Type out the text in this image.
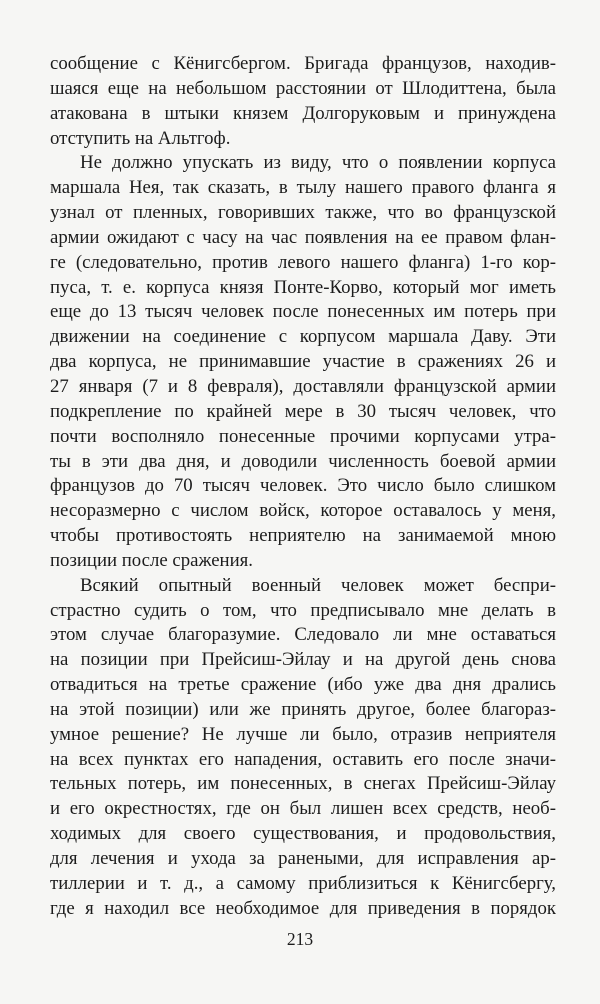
сообщение с Кёнигсбергом. Бригада французов, находив-
шаяся еще на небольшом расстоянии от Шлодиттена, была
атакована в штыки князем Долгоруковым и принуждена
отступить на Альтгоф.
Не должно упускать из виду, что о появлении корпуса
маршала Нея, так сказать, в тылу нашего правого фланга я
узнал от пленных, говоривших также, что во французской
армии ожидают с часу на час появления на ее правом флан-
ге (следовательно, против левого нашего фланга) 1-го кор-
пуса, т. е. корпуса князя Понте-Корво, который мог иметь
еще до 13 тысяч человек после понесенных им потерь при
движении на соединение с корпусом маршала Даву. Эти
два корпуса, не принимавшие участие в сражениях 26 и
27 января (7 и 8 февраля), доставляли французской армии
подкрепление по крайней мере в 30 тысяч человек, что
почти восполняло понесенные прочими корпусами утра-
ты в эти два дня, и доводили численность боевой армии
французов до 70 тысяч человек. Это число было слишком
несоразмерно с числом войск, которое оставалось у меня,
чтобы противостоять неприятелю на занимаемой мною
позиции после сражения.
Всякий опытный военный человек может беспри-
страстно судить о том, что предписывало мне делать в
этом случае благоразумие. Следовало ли мне оставаться
на позиции при Прейсиш-Эйлау и на другой день снова
отвадиться на третье сражение (ибо уже два дня дрались
на этой позиции) или же принять другое, более благораз-
умное решение? Не лучше ли было, отразив неприятеля
на всех пунктах его нападения, оставить его после значи-
тельных потерь, им понесенных, в снегах Прейсиш-Эйлау
и его окрестностях, где он был лишен всех средств, необ-
ходимых для своего существования, и продовольствия,
для лечения и ухода за ранеными, для исправления ар-
тиллерии и т. д., а самому приблизиться к Кёнигсбергу,
где я находил все необходимое для приведения в порядок
213
